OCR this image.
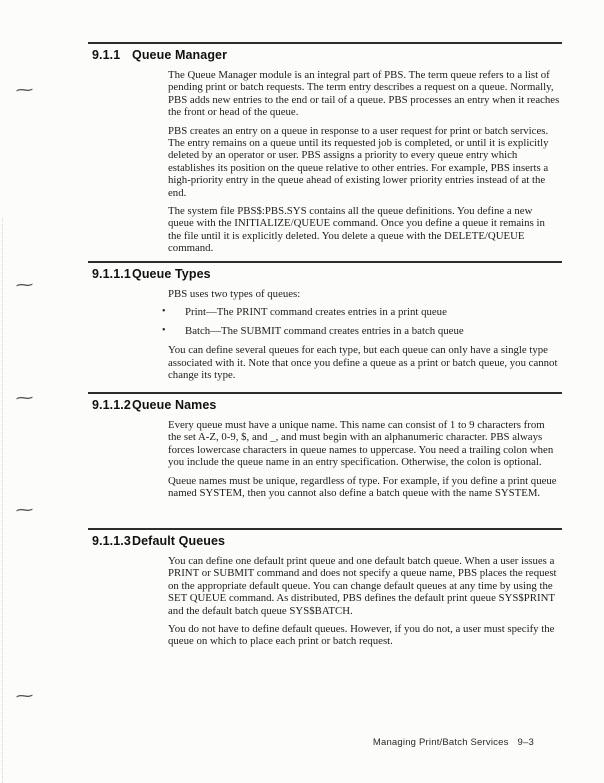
∼
∼
∼
∼
∼
9.1.1 Queue Manager

The Queue Manager module is an integral part of PBS. The term queue refers to a list of pending print or batch requests. The term entry describes a request on a queue. Normally, PBS adds new entries to the end or tail of a queue. PBS processes an entry when it reaches the front or head of the queue.

PBS creates an entry on a queue in response to a user request for print or batch services. The entry remains on a queue until its requested job is completed, or until it is explicitly deleted by an operator or user. PBS assigns a priority to every queue entry which establishes its position on the queue relative to other entries. For example, PBS inserts a high-priority entry in the queue ahead of existing lower priority entries instead of at the end.

The system file PBS$:PBS.SYS contains all the queue definitions. You define a new queue with the INITIALIZE/QUEUE command. Once you define a queue it remains in the file until it is explicitly deleted. You delete a queue with the DELETE/QUEUE command.

9.1.1.1 Queue Types

PBS uses two types of queues:

•	Print—The PRINT command creates entries in a print queue
•	Batch—The SUBMIT command creates entries in a batch queue

You can define several queues for each type, but each queue can only have a single type associated with it. Note that once you define a queue as a print or batch queue, you cannot change its type.

9.1.1.2 Queue Names

Every queue must have a unique name. This name can consist of 1 to 9 characters from the set A-Z, 0-9, $, and _, and must begin with an alphanumeric character. PBS always forces lowercase characters in queue names to uppercase. You need a trailing colon when you include the queue name in an entry specification. Otherwise, the colon is optional.

Queue names must be unique, regardless of type. For example, if you define a print queue named SYSTEM, then you cannot also define a batch queue with the name SYSTEM.

9.1.1.3 Default Queues

You can define one default print queue and one default batch queue. When a user issues a PRINT or SUBMIT command and does not specify a queue name, PBS places the request on the appropriate default queue. You can change default queues at any time by using the SET QUEUE command. As distributed, PBS defines the default print queue SYS$PRINT and the default batch queue SYS$BATCH.

You do not have to define default queues. However, if you do not, a user must specify the queue on which to place each print or batch request.

Managing Print/Batch Services 9–3
